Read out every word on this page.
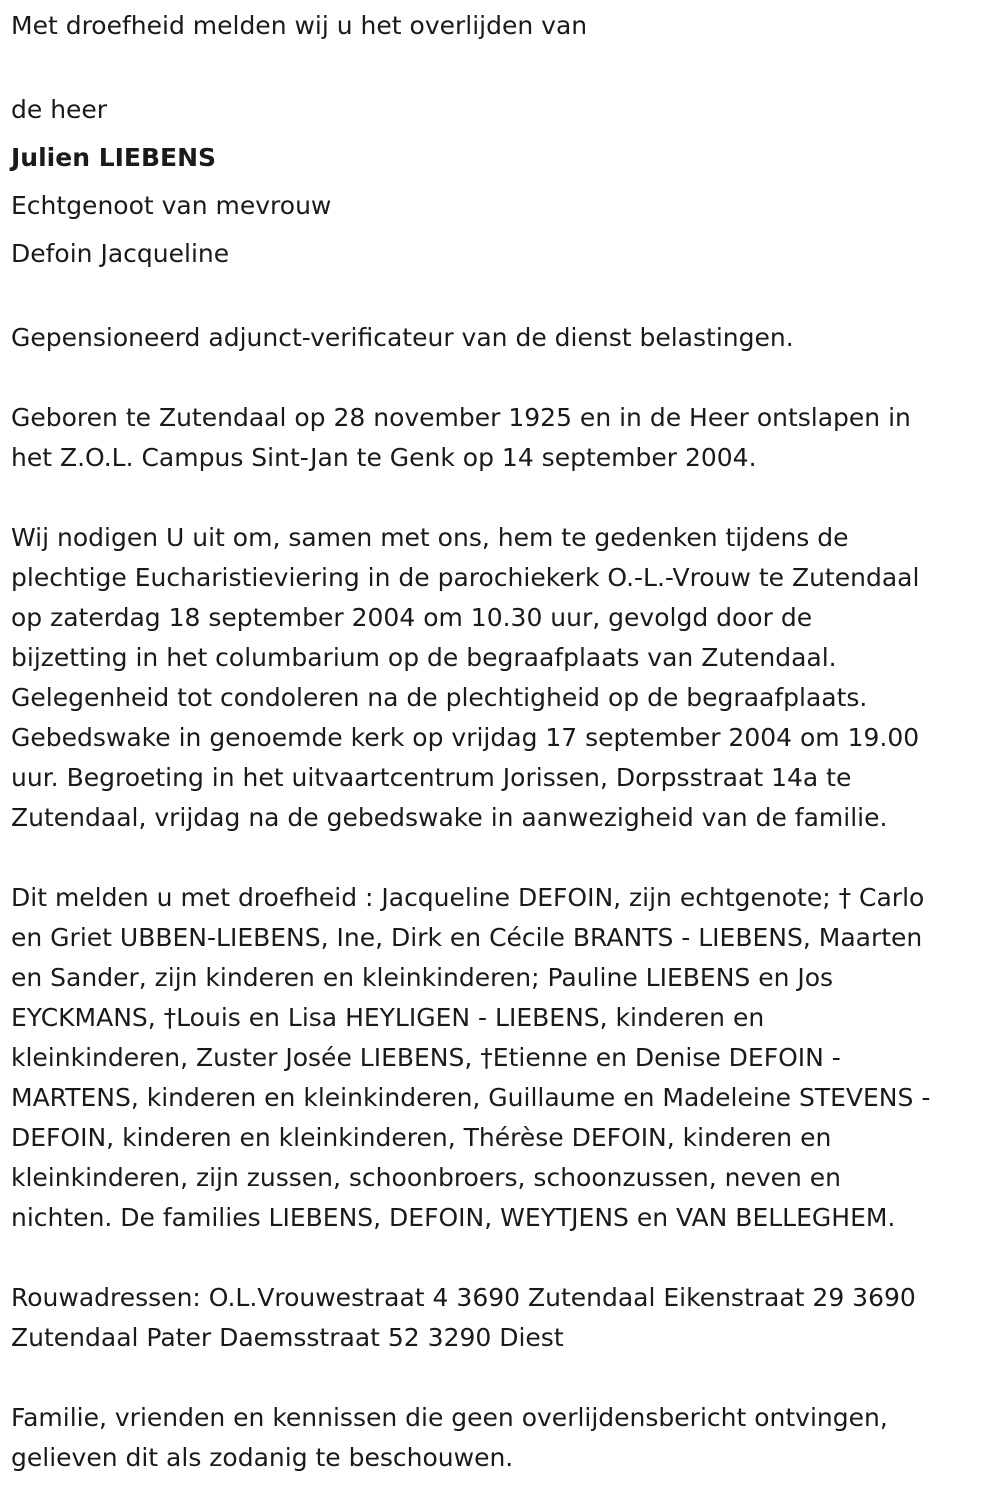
Met droefheid melden wij u het overlijden van

de heer

Julien LIEBENS

Echtgenoot van mevrouw

Defoin Jacqueline

Gepensioneerd adjunct-verificateur van de dienst belastingen.

Geboren te Zutendaal op 28 november 1925 en in de Heer ontslapen in
het Z.O.L. Campus Sint-Jan te Genk op 14 september 2004.

Wij nodigen U uit om, samen met ons, hem te gedenken tijdens de
plechtige Eucharistieviering in de parochiekerk O.-L.-Vrouw te Zutendaal
op zaterdag 18 september 2004 om 10.30 uur, gevolgd door de
bijzetting in het columbarium op de begraafplaats van Zutendaal.
Gelegenheid tot condoleren na de plechtigheid op de begraafplaats.
Gebedswake in genoemde kerk op vrijdag 17 september 2004 om 19.00
uur. Begroeting in het uitvaartcentrum Jorissen, Dorpsstraat 14a te
Zutendaal, vrijdag na de gebedswake in aanwezigheid van de familie.

Dit melden u met droefheid : Jacqueline DEFOIN, zijn echtgenote; † Carlo
en Griet UBBEN-LIEBENS, Ine, Dirk en Cécile BRANTS - LIEBENS, Maarten
en Sander, zijn kinderen en kleinkinderen; Pauline LIEBENS en Jos
EYCKMANS, †Louis en Lisa HEYLIGEN - LIEBENS, kinderen en
kleinkinderen, Zuster Josée LIEBENS, †Etienne en Denise DEFOIN -
MARTENS, kinderen en kleinkinderen, Guillaume en Madeleine STEVENS -
DEFOIN, kinderen en kleinkinderen, Thérèse DEFOIN, kinderen en
kleinkinderen, zijn zussen, schoonbroers, schoonzussen, neven en
nichten. De families LIEBENS, DEFOIN, WEYTJENS en VAN BELLEGHEM.

Rouwadressen: O.L.Vrouwestraat 4 3690 Zutendaal Eikenstraat 29 3690
Zutendaal Pater Daemsstraat 52 3290 Diest

Familie, vrienden en kennissen die geen overlijdensbericht ontvingen,
gelieven dit als zodanig te beschouwen.
